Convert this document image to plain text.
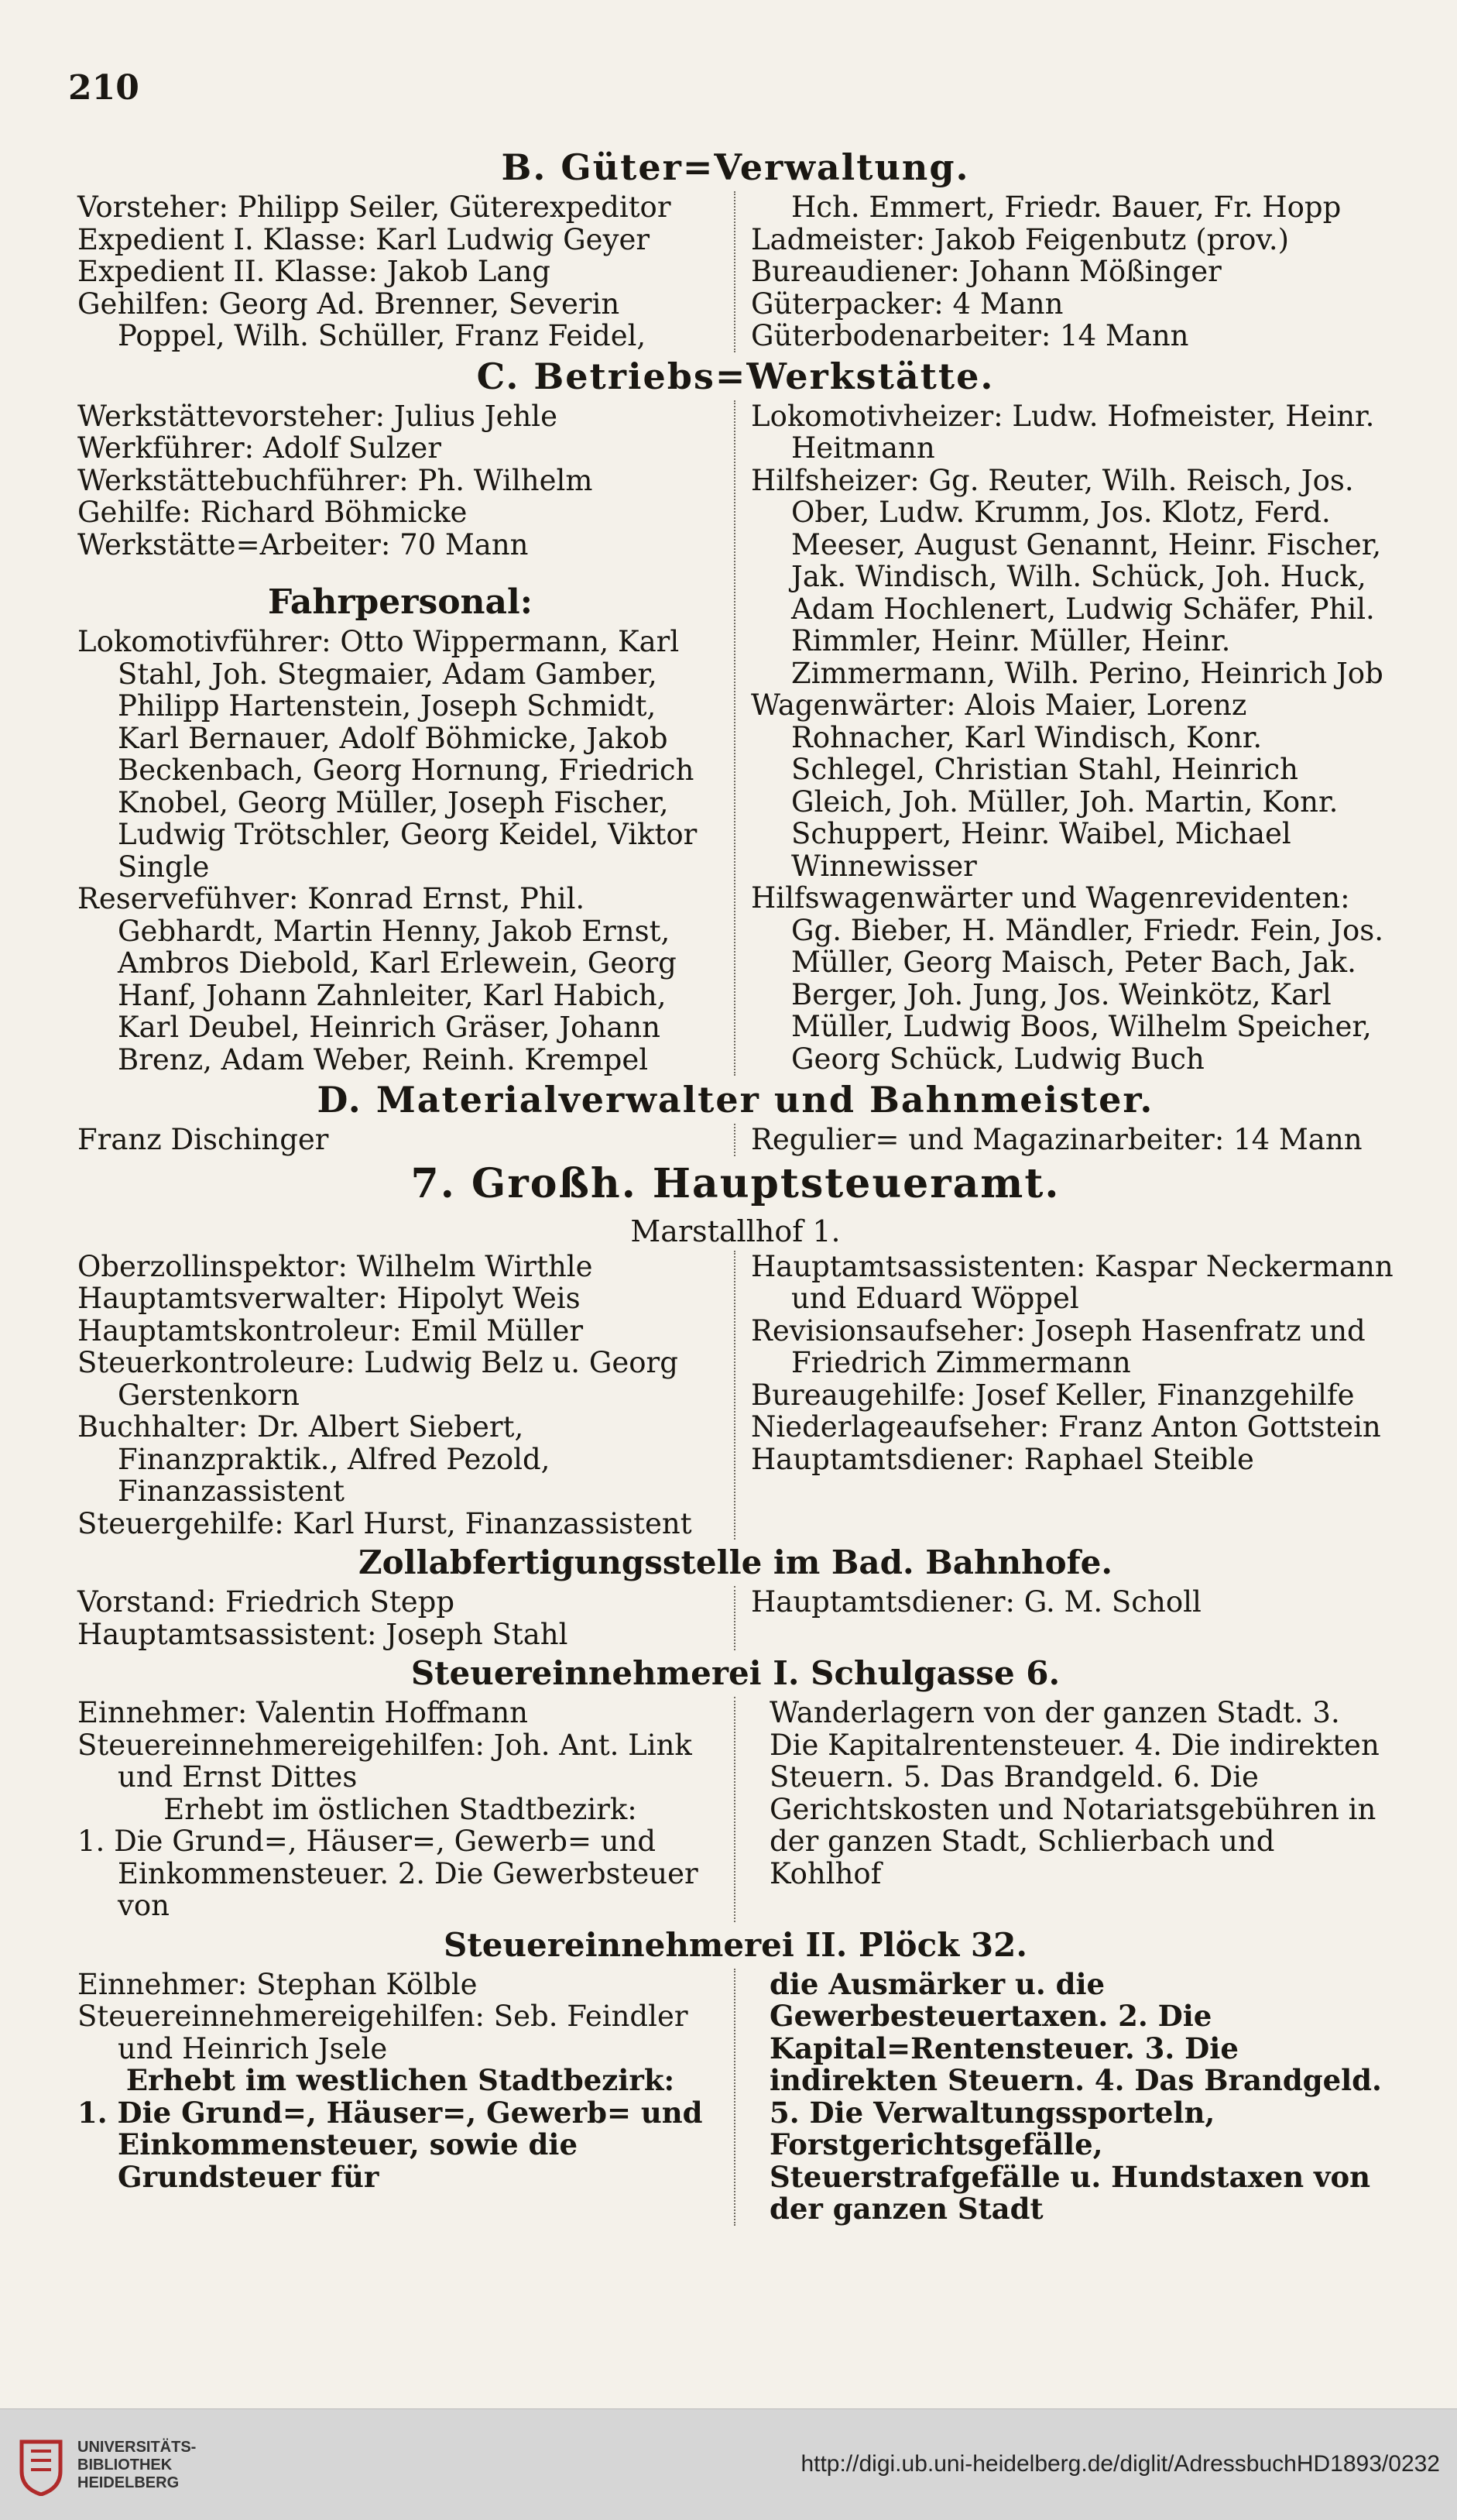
210
B. Güter=Verwaltung.
Vorsteher: Philipp Seiler, Güterexpeditor
Expedient I. Klasse: Karl Ludwig Geyer
Expedient II. Klasse: Jakob Lang
Gehilfen: Georg Ad. Brenner, Severin Poppel, Wilh. Schüller, Franz Feidel,
Hch. Emmert, Friedr. Bauer, Fr. Hopp
Ladmeister: Jakob Feigenbutz (prov.)
Bureaudiener: Johann Mößinger
Güterpacker: 4 Mann
Güterbodenarbeiter: 14 Mann
C. Betriebs=Werkstätte.
Werkstättevorsteher: Julius Jehle
Werkführer: Adolf Sulzer
Werkstättebuchführer: Ph. Wilhelm
Gehilfe: Richard Böhmicke
Werkstätte=Arbeiter: 70 Mann
Fahrpersonal:
Lokomotivführer: Otto Wippermann, Karl Stahl, Joh. Stegmaier, Adam Gamber, Philipp Hartenstein, Joseph Schmidt, Karl Bernauer, Adolf Böhmicke, Jakob Beckenbach, Georg Hornung, Friedrich Knobel, Georg Müller, Joseph Fischer, Ludwig Trötschler, Georg Keidel, Viktor Single
Reservefühver: Konrad Ernst, Phil. Gebhardt, Martin Henny, Jakob Ernst, Ambros Diebold, Karl Erlewein, Georg Hanf, Johann Zahnleiter, Karl Habich, Karl Deubel, Heinrich Gräser, Johann Brenz, Adam Weber, Reinh. Krempel
Lokomotivheizer: Ludw. Hofmeister, Heinr. Heitmann
Hilfsheizer: Gg. Reuter, Wilh. Reisch, Jos. Ober, Ludw. Krumm, Jos. Klotz, Ferd. Meeser, August Genannt, Heinr. Fischer, Jak. Windisch, Wilh. Schück, Joh. Huck, Adam Hochlenert, Ludwig Schäfer, Phil. Rimmler, Heinr. Müller, Heinr. Zimmermann, Wilh. Perino, Heinrich Job
Wagenwärter: Alois Maier, Lorenz Rohnacher, Karl Windisch, Konr. Schlegel, Christian Stahl, Heinrich Gleich, Joh. Müller, Joh. Martin, Konr. Schuppert, Heinr. Waibel, Michael Winnewisser
Hilfswagenwärter und Wagenrevidenten: Gg. Bieber, H. Mändler, Friedr. Fein, Jos. Müller, Georg Maisch, Peter Bach, Jak. Berger, Joh. Jung, Jos. Weinkötz, Karl Müller, Ludwig Boos, Wilhelm Speicher, Georg Schück, Ludwig Buch
D. Materialverwalter und Bahnmeister.
Franz Dischinger	Regulier= und Magazinarbeiter: 14 Mann
7. Großh. Hauptsteueramt.
Marstallhof 1.
Oberzollinspektor: Wilhelm Wirthle
Hauptamtsverwalter: Hipolyt Weis
Hauptamtskontroleur: Emil Müller
Steuerkontroleure: Ludwig Belz u. Georg Gerstenkorn
Buchhalter: Dr. Albert Siebert, Finanzpraktik., Alfred Pezold, Finanzassistent
Steuergehilfe: Karl Hurst, Finanzassistent
Hauptamtsassistenten: Kaspar Neckermann und Eduard Wöppel
Revisionsaufseher: Joseph Hasenfratz und Friedrich Zimmermann
Bureaugehilfe: Josef Keller, Finanzgehilfe
Niederlageaufseher: Franz Anton Gottstein
Hauptamtsdiener: Raphael Steible
Zollabfertigungsstelle im Bad. Bahnhofe.
Vorstand: Friedrich Stepp
Hauptamtsassistent: Joseph Stahl
Hauptamtsdiener: G. M. Scholl
Steuereinnehmerei I. Schulgasse 6.
Einnehmer: Valentin Hoffmann
Steuereinnehmereigehilfen: Joh. Ant. Link und Ernst Dittes
Erhebt im östlichen Stadtbezirk:
1. Die Grund=, Häuser=, Gewerb= und Einkommensteuer. 2. Die Gewerbsteuer von
Wanderlagern von der ganzen Stadt. 3. Die Kapitalrentensteuer. 4. Die indirekten Steuern. 5. Das Brandgeld. 6. Die Gerichtskosten und Notariatsgebühren in der ganzen Stadt, Schlierbach und Kohlhof
Steuereinnehmerei II. Plöck 32.
Einnehmer: Stephan Kölble
Steuereinnehmereigehilfen: Seb. Feindler und Heinrich Jsele
Erhebt im westlichen Stadtbezirk:
1. Die Grund=, Häuser=, Gewerb= und Einkommensteuer, sowie die Grundsteuer für
die Ausmärker u. die Gewerbesteuertaxen. 2. Die Kapital=Rentensteuer. 3. Die indirekten Steuern. 4. Das Brandgeld. 5. Die Verwaltungssporteln, Forstgerichtsgefälle, Steuerstrafgefälle u. Hundstaxen von der ganzen Stadt
UNIVERSITÄTS-
BIBLIOTHEK
HEIDELBERG
http://digi.ub.uni-heidelberg.de/diglit/AdressbuchHD1893/0232
